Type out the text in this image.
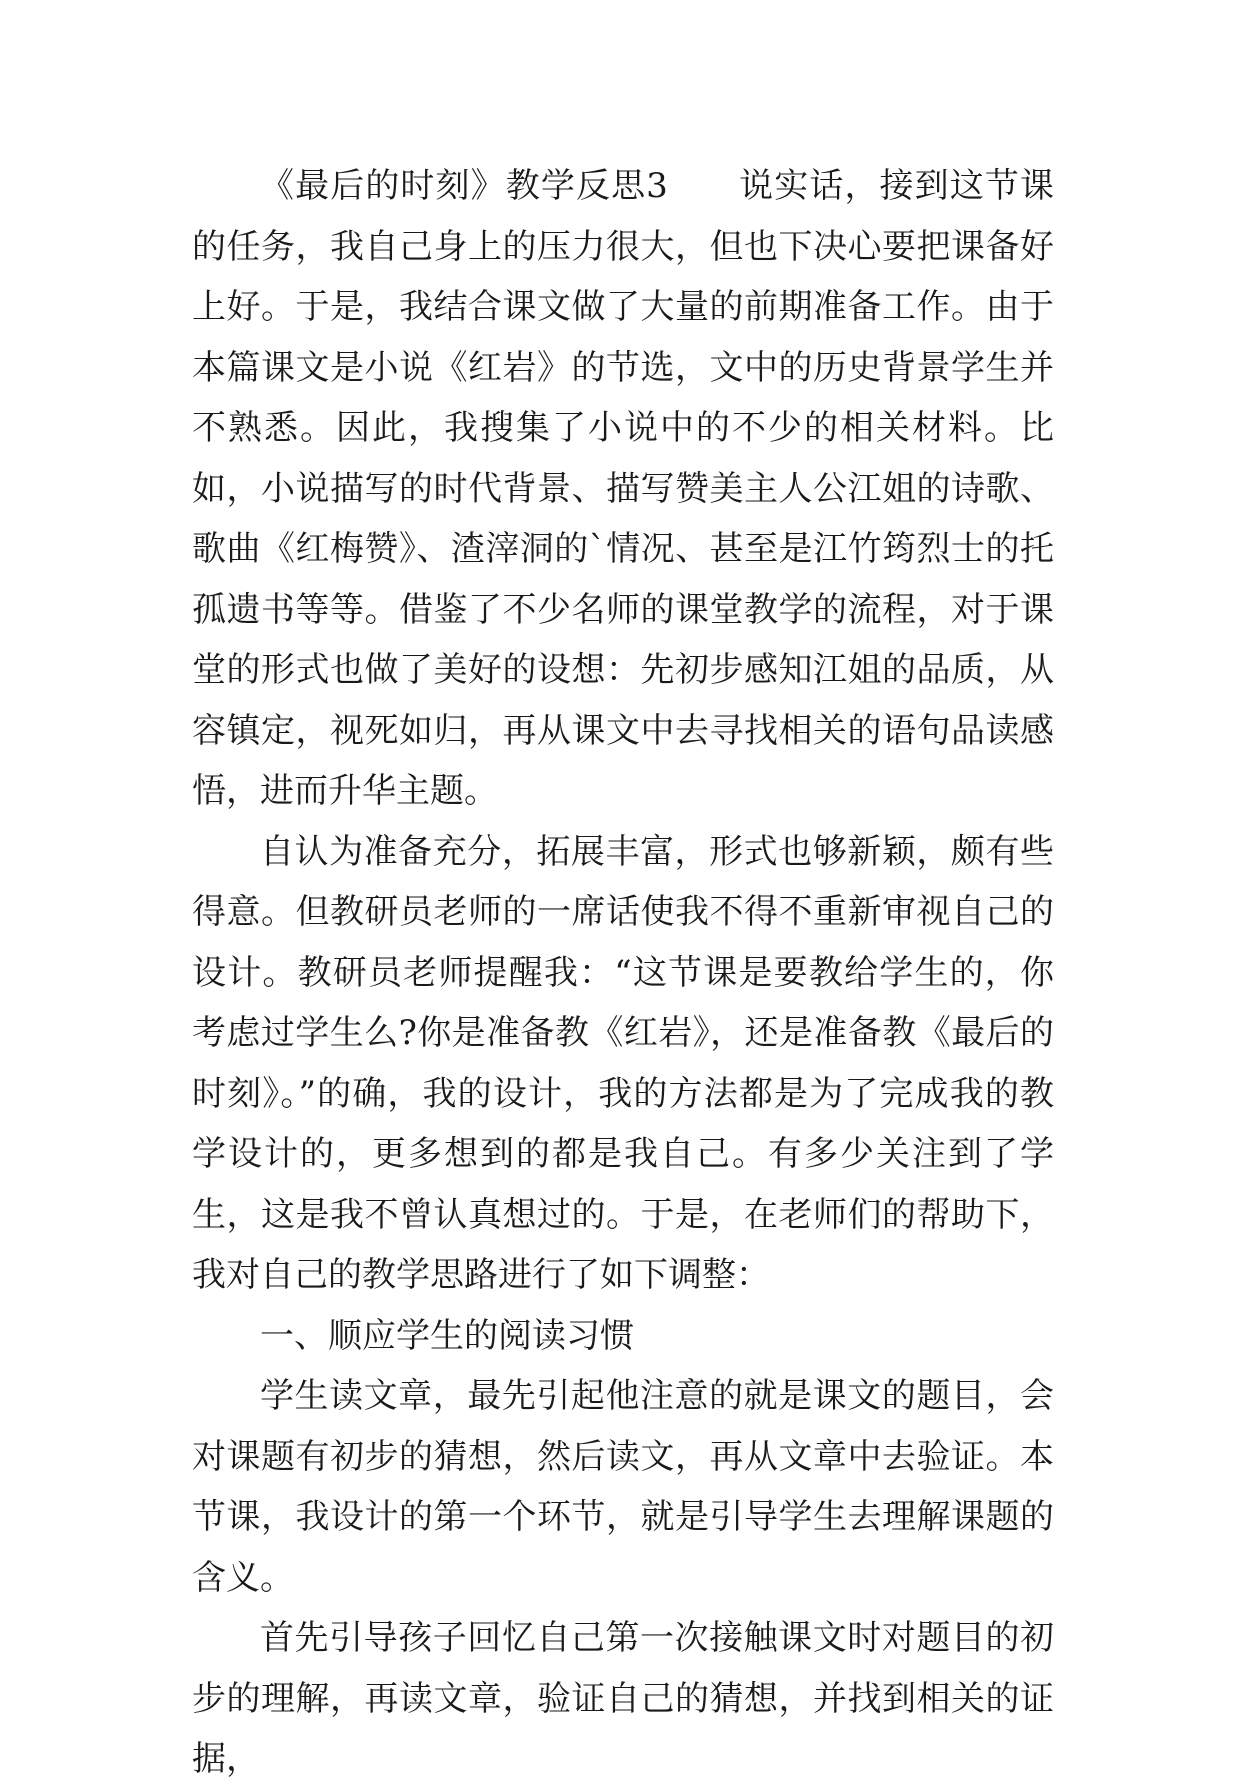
《最后的时刻》教学反思3　　说实话，接到这节课的任务，我自己身上的压力很大，但也下决心要把课备好上好。于是，我结合课文做了大量的前期准备工作。由于本篇课文是小说《红岩》的节选，文中的历史背景学生并不熟悉。因此，我搜集了小说中的不少的相关材料。比如，小说描写的时代背景、描写赞美主人公江姐的诗歌、歌曲《红梅赞》、渣滓洞的`情况、甚至是江竹筠烈士的托孤遗书等等。借鉴了不少名师的课堂教学的流程，对于课堂的形式也做了美好的设想：先初步感知江姐的品质，从容镇定，视死如归，再从课文中去寻找相关的语句品读感悟，进而升华主题。

自认为准备充分，拓展丰富，形式也够新颖，颇有些得意。但教研员老师的一席话使我不得不重新审视自己的设计。教研员老师提醒我：“这节课是要教给学生的，你考虑过学生么?你是准备教《红岩》，还是准备教《最后的时刻》。”的确，我的设计，我的方法都是为了完成我的教学设计的，更多想到的都是我自己。有多少关注到了学生，这是我不曾认真想过的。于是，在老师们的帮助下，我对自己的教学思路进行了如下调整：

一、顺应学生的阅读习惯

学生读文章，最先引起他注意的就是课文的题目，会对课题有初步的猜想，然后读文，再从文章中去验证。本节课，我设计的第一个环节，就是引导学生去理解课题的含义。

首先引导孩子回忆自己第一次接触课文时对题目的初步的理解，再读文章，验证自己的猜想，并找到相关的证据，
